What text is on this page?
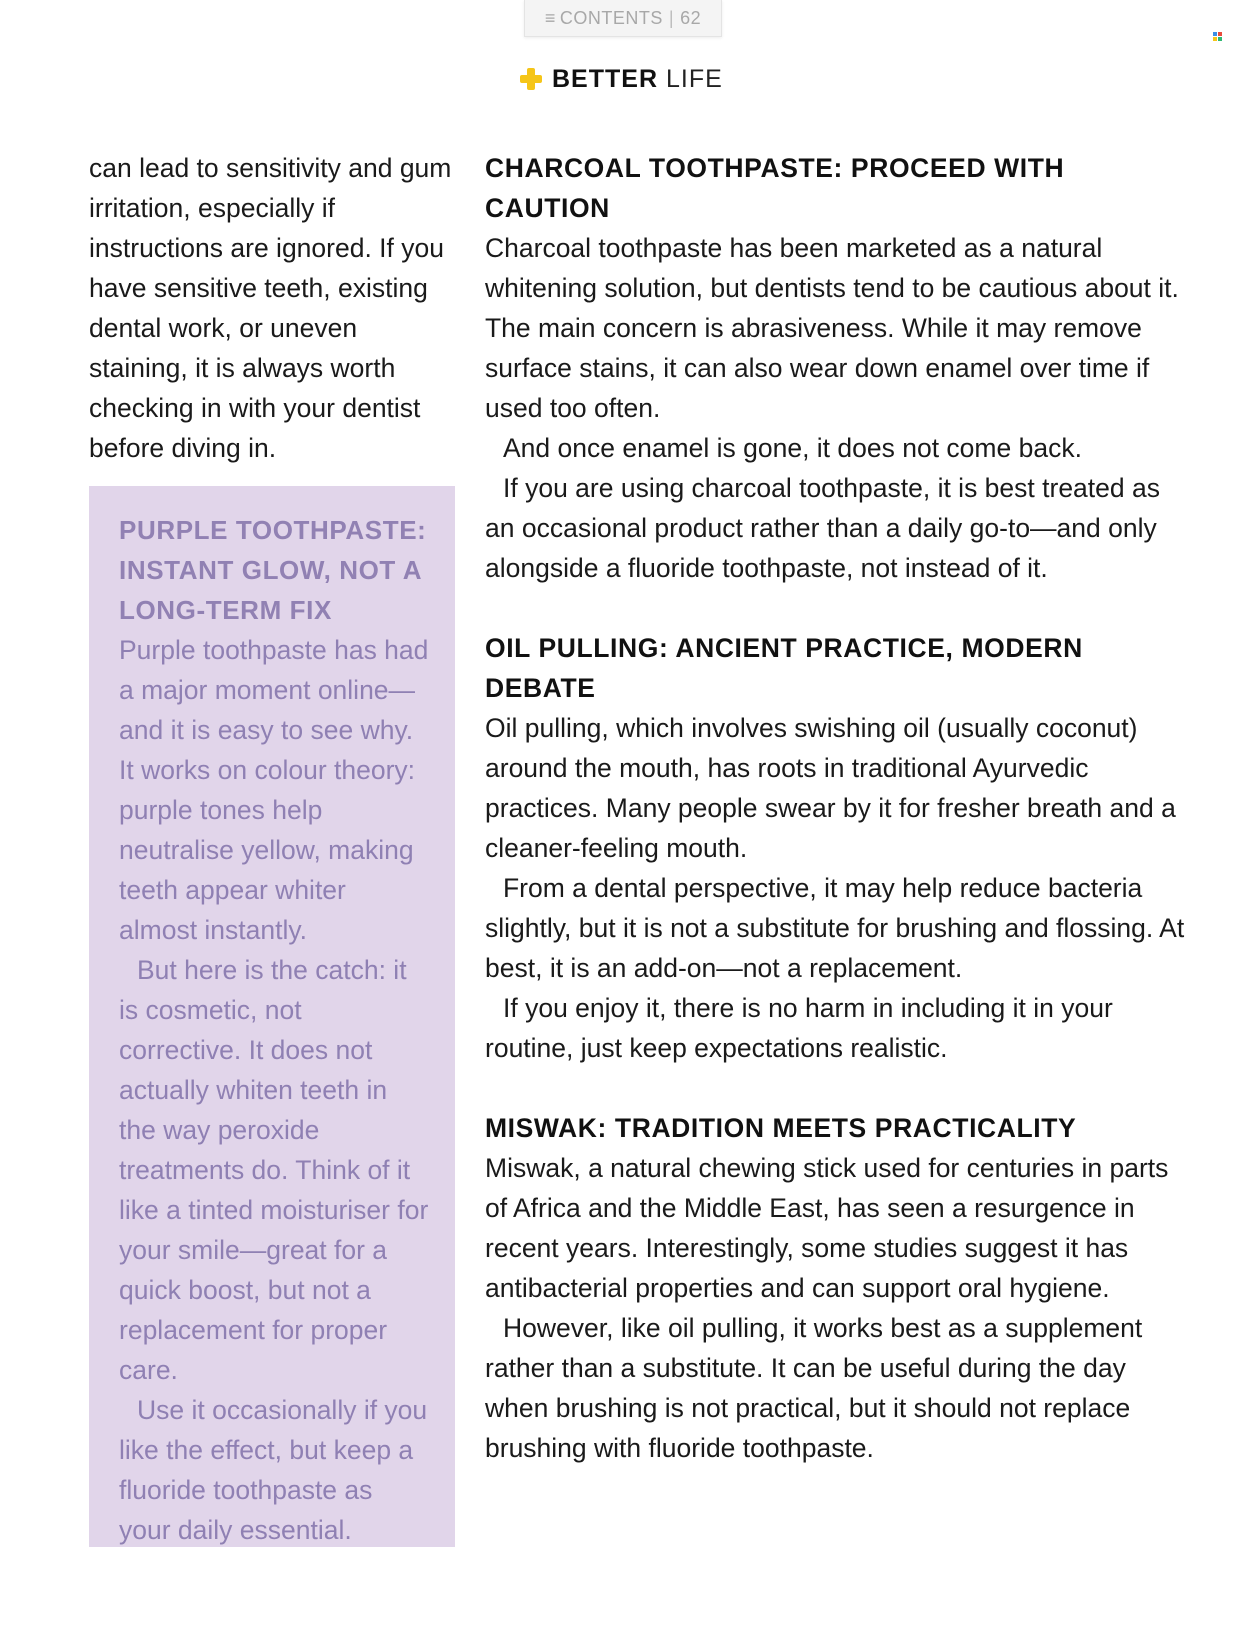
≡ CONTENTS | 62
BETTER LIFE

can lead to sensitivity and gum irritation, especially if instructions are ignored. If you have sensitive teeth, existing dental work, or uneven staining, it is always worth checking in with your dentist before diving in.

PURPLE TOOTHPASTE: INSTANT GLOW, NOT A LONG-TERM FIX

Purple toothpaste has had a major moment online—and it is easy to see why. It works on colour theory: purple tones help neutralise yellow, making teeth appear whiter almost instantly.

But here is the catch: it is cosmetic, not corrective. It does not actually whiten teeth in the way peroxide treatments do. Think of it like a tinted moisturiser for your smile—great for a quick boost, but not a replacement for proper care.

Use it occasionally if you like the effect, but keep a fluoride toothpaste as your daily essential.

CHARCOAL TOOTHPASTE: PROCEED WITH CAUTION

Charcoal toothpaste has been marketed as a natural whitening solution, but dentists tend to be cautious about it. The main concern is abrasiveness. While it may remove surface stains, it can also wear down enamel over time if used too often.

And once enamel is gone, it does not come back.

If you are using charcoal toothpaste, it is best treated as an occasional product rather than a daily go-to—and only alongside a fluoride toothpaste, not instead of it.

OIL PULLING: ANCIENT PRACTICE, MODERN DEBATE

Oil pulling, which involves swishing oil (usually coconut) around the mouth, has roots in traditional Ayurvedic practices. Many people swear by it for fresher breath and a cleaner-feeling mouth.

From a dental perspective, it may help reduce bacteria slightly, but it is not a substitute for brushing and flossing. At best, it is an add-on—not a replacement.

If you enjoy it, there is no harm in including it in your routine, just keep expectations realistic.

MISWAK: TRADITION MEETS PRACTICALITY

Miswak, a natural chewing stick used for centuries in parts of Africa and the Middle East, has seen a resurgence in recent years. Interestingly, some studies suggest it has antibacterial properties and can support oral hygiene.

However, like oil pulling, it works best as a supplement rather than a substitute. It can be useful during the day when brushing is not practical, but it should not replace brushing with fluoride toothpaste.
